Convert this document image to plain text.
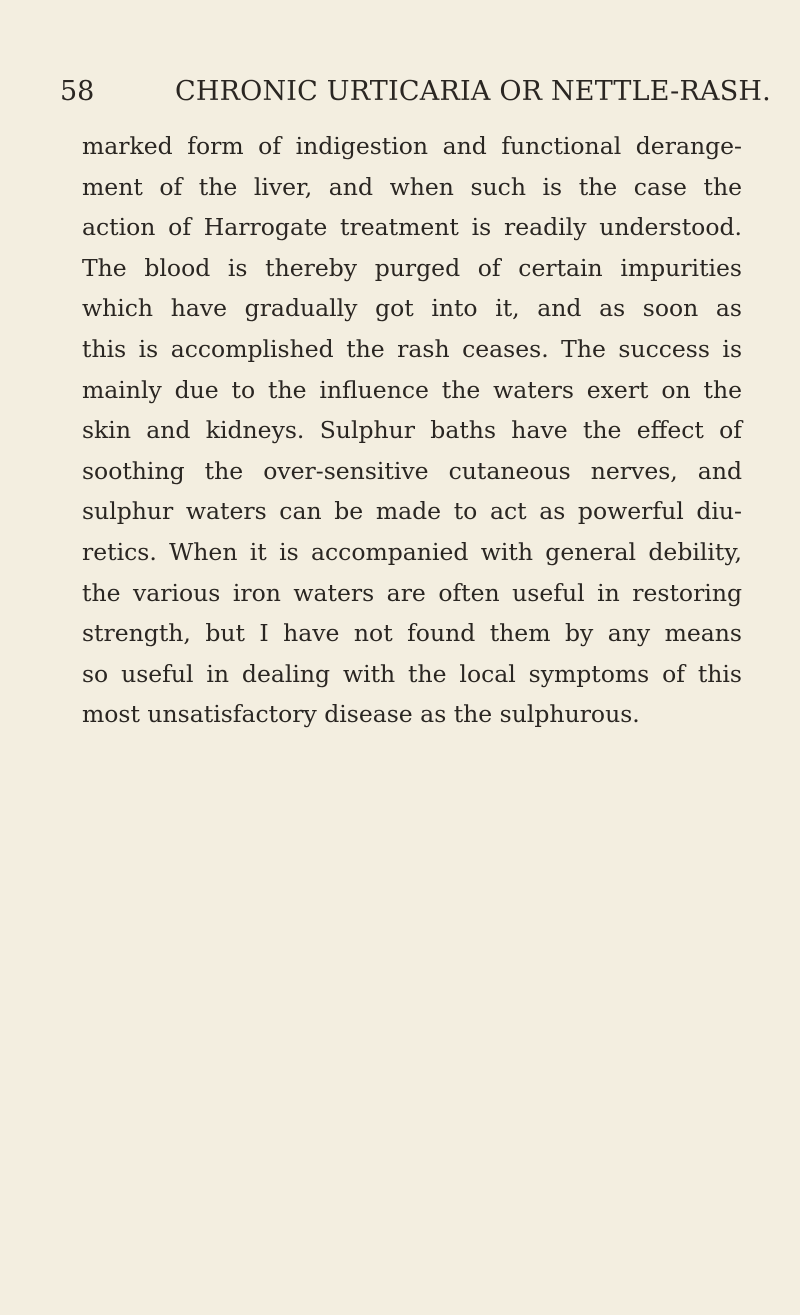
58	CHRONIC URTICARIA OR NETTLE-RASH.
marked form of indigestion and functional derange-
ment of the liver, and when such is the case the
action of Harrogate treatment is readily understood.
The blood is thereby purged of certain impurities
which have gradually got into it, and as soon as
this is accomplished the rash ceases. The success is
mainly due to the influence the waters exert on the
skin and kidneys. Sulphur baths have the effect of
soothing the over-sensitive cutaneous nerves, and
sulphur waters can be made to act as powerful diu-
retics. When it is accompanied with general debility,
the various iron waters are often useful in restoring
strength, but I have not found them by any means
so useful in dealing with the local symptoms of this
most unsatisfactory disease as the sulphurous.
